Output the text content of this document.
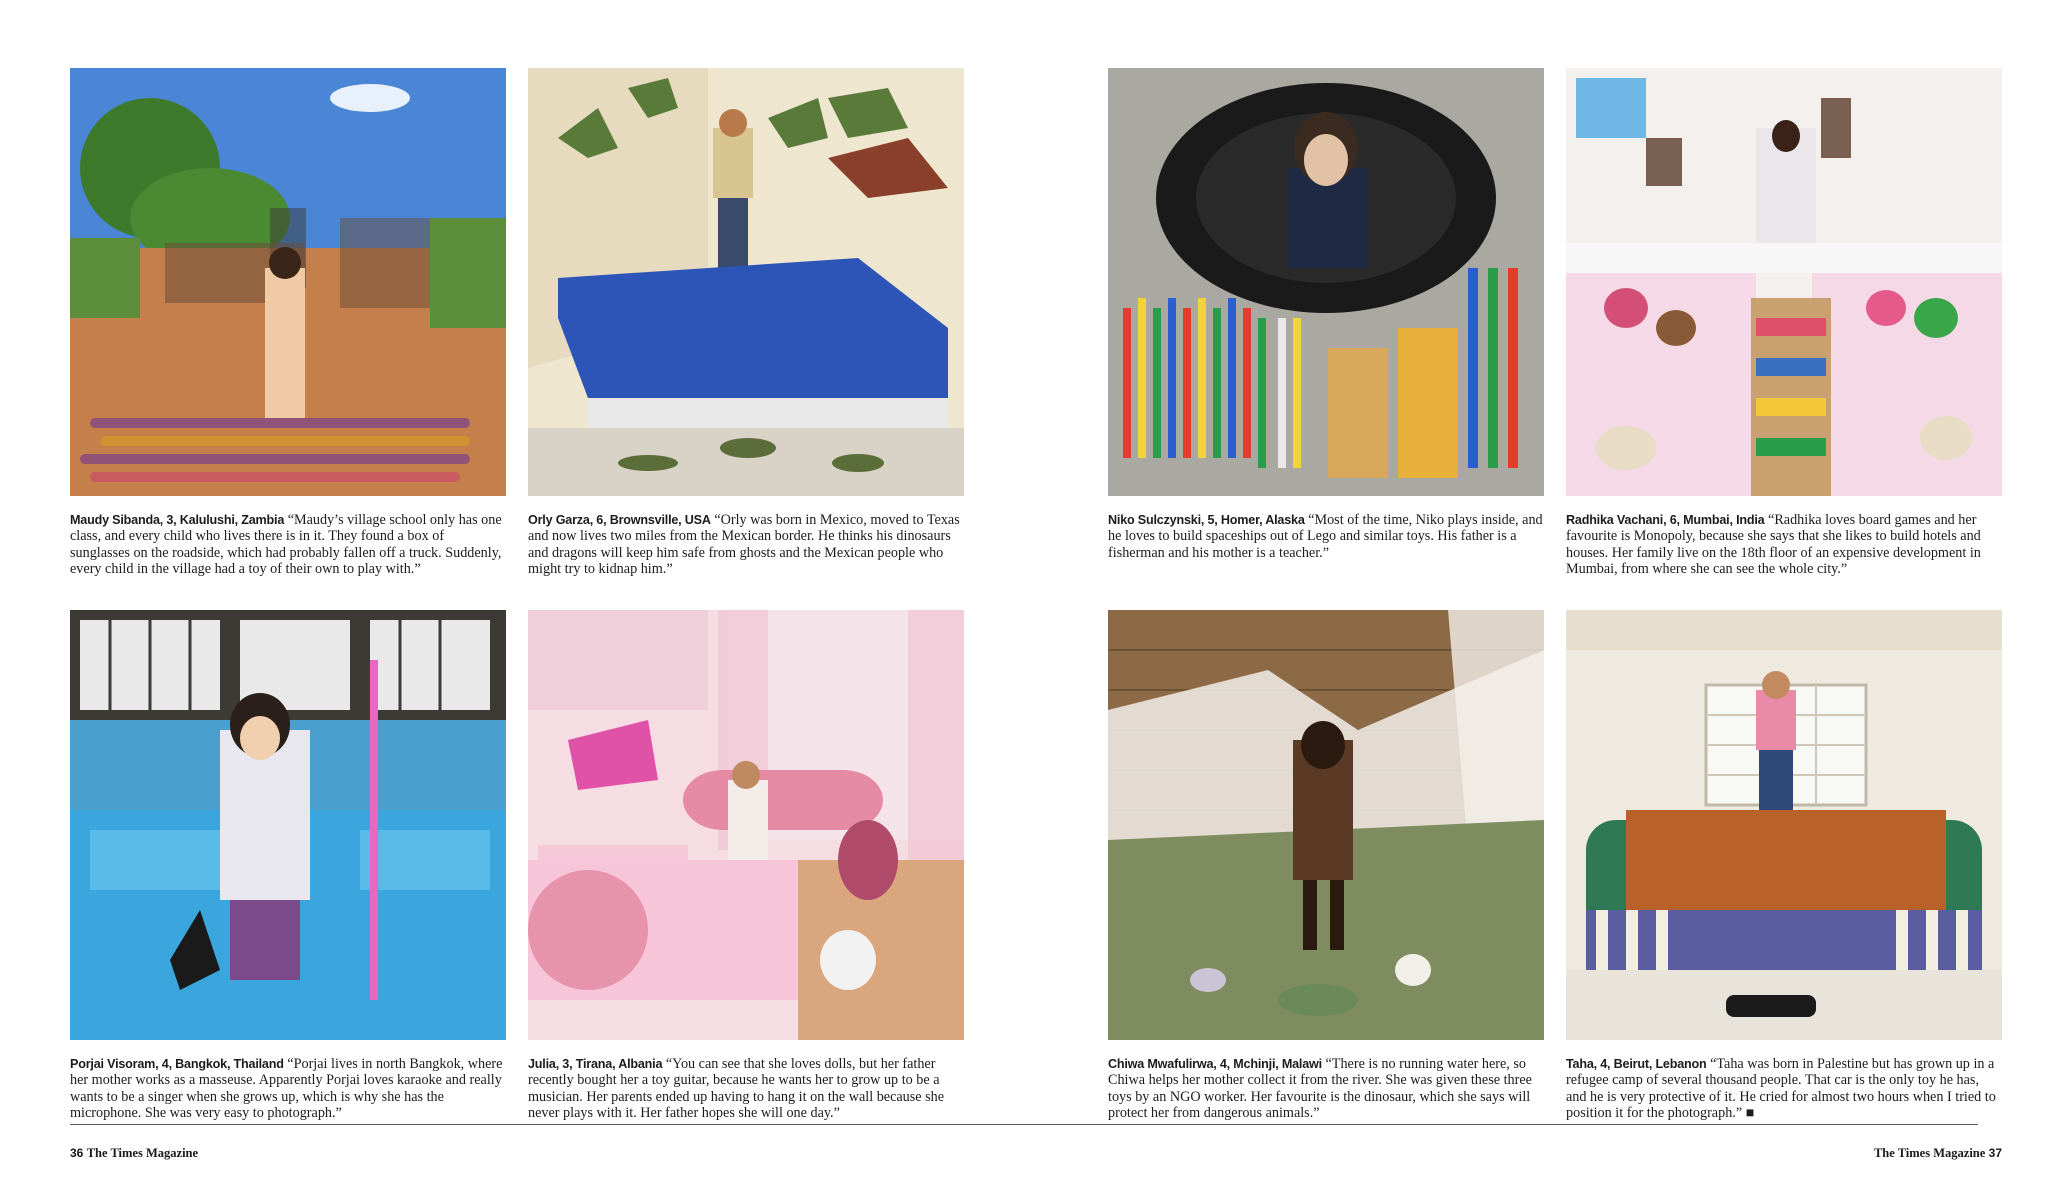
Maudy Sibanda, 3, Kalulushi, Zambia “Maudy’s village school only has one class, and every child who lives there is in it. They found a box of sunglasses on the roadside, which had probably fallen off a truck. Suddenly, every child in the village had a toy of their own to play with.”
Orly Garza, 6, Brownsville, USA “Orly was born in Mexico, moved to Texas and now lives two miles from the Mexican border. He thinks his dinosaurs and dragons will keep him safe from ghosts and the Mexican people who might try to kidnap him.”
Niko Sulczynski, 5, Homer, Alaska “Most of the time, Niko plays inside, and he loves to build spaceships out of Lego and similar toys. His father is a fisherman and his mother is a teacher.”
Radhika Vachani, 6, Mumbai, India “Radhika loves board games and her favourite is Monopoly, because she says that she likes to build hotels and houses. Her family live on the 18th floor of an expensive development in Mumbai, from where she can see the whole city.”
Porjai Visoram, 4, Bangkok, Thailand “Porjai lives in north Bangkok, where her mother works as a masseuse. Apparently Porjai loves karaoke and really wants to be a singer when she grows up, which is why she has the microphone. She was very easy to photograph.”
Julia, 3, Tirana, Albania “You can see that she loves dolls, but her father recently bought her a toy guitar, because he wants her to grow up to be a musician. Her parents ended up having to hang it on the wall because she never plays with it. Her father hopes she will one day.”
Chiwa Mwafulirwa, 4, Mchinji, Malawi “There is no running water here, so Chiwa helps her mother collect it from the river. She was given these three toys by an NGO worker. Her favourite is the dinosaur, which she says will protect her from dangerous animals.”
Taha, 4, Beirut, Lebanon “Taha was born in Palestine but has grown up in a refugee camp of several thousand people. That car is the only toy he has, and he is very protective of it. He cried for almost two hours when I tried to position it for the photograph.” ■
36 The Times Magazine	The Times Magazine 37
